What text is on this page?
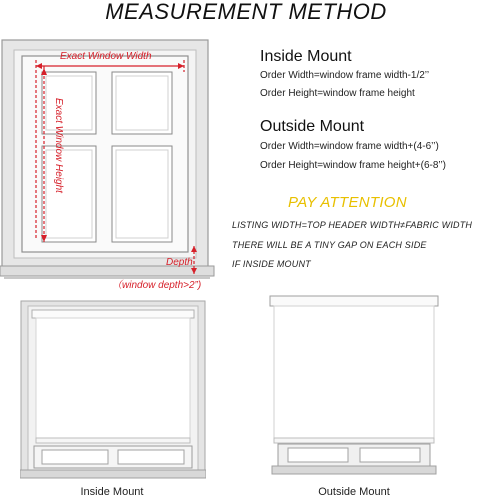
MEASUREMENT METHOD
Exact Window Width
Exact Window Height
Depth
（window depth>2”)
Inside Mount
Order Width=window frame width-1/2’’
Order Height=window frame height
Outside Mount
Order Width=window frame width+(4-6’’)
Order Height=window frame height+(6-8’’)
PAY ATTENTION
LISTING WIDTH=TOP HEADER WIDTH≠FABRIC WIDTH
THERE WILL BE A TINY GAP ON EACH SIDE
IF INSIDE MOUNT
Inside Mount	Outside Mount
